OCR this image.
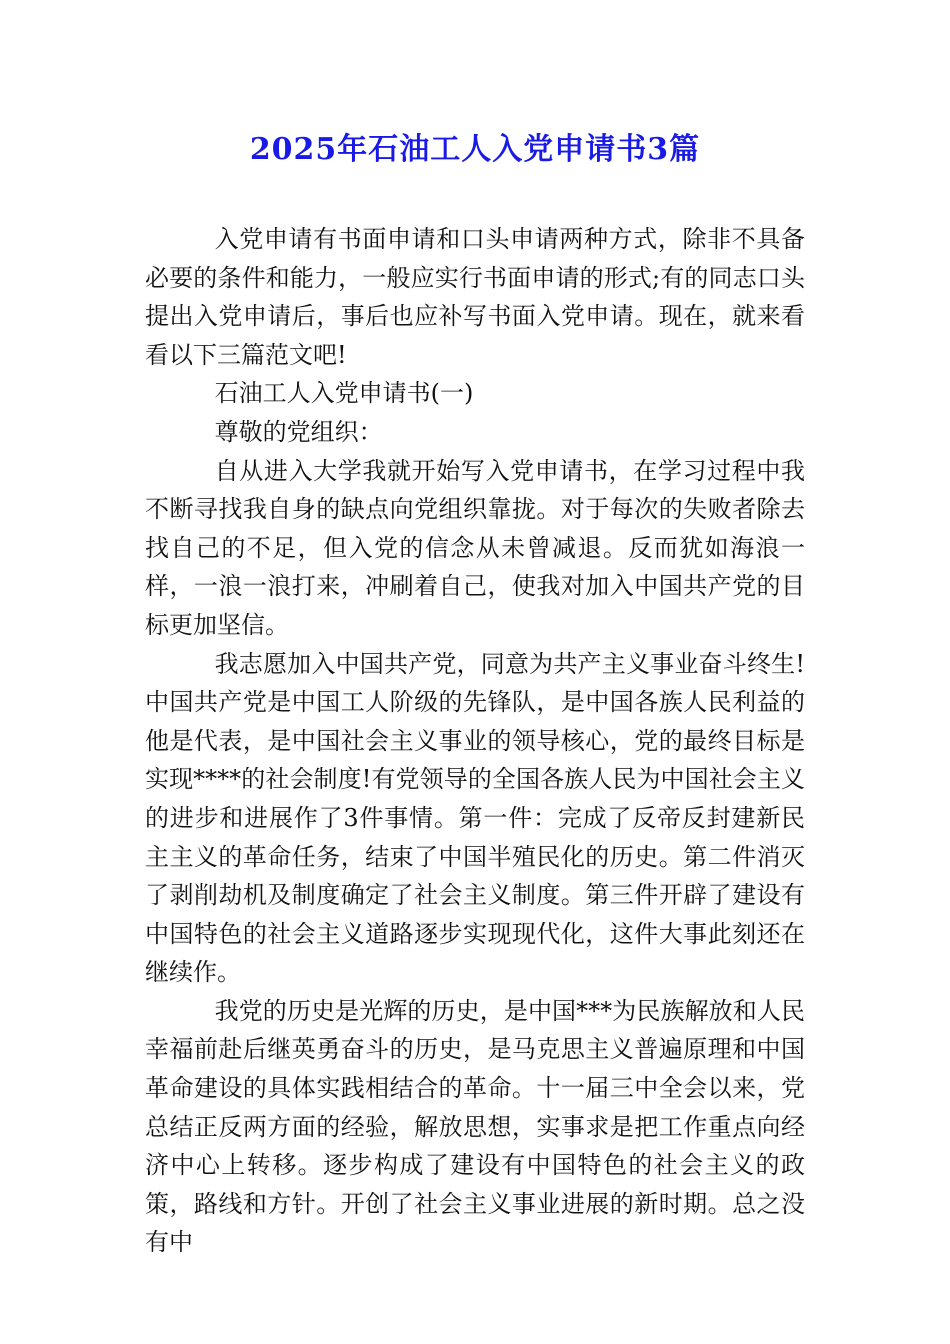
2025年石油工人入党申请书3篇

入党申请有书面申请和口头申请两种方式，除非不具备必要的条件和能力，一般应实行书面申请的形式;有的同志口头提出入党申请后，事后也应补写书面入党申请。现在，就来看看以下三篇范文吧!

石油工人入党申请书(一)

尊敬的党组织：

自从进入大学我就开始写入党申请书，在学习过程中我不断寻找我自身的缺点向党组织靠拢。对于每次的失败者除去找自己的不足，但入党的信念从未曾减退。反而犹如海浪一样，一浪一浪打来，冲刷着自己，使我对加入中国共产党的目标更加坚信。

我志愿加入中国共产党，同意为共产主义事业奋斗终生!中国共产党是中国工人阶级的先锋队，是中国各族人民利益的他是代表，是中国社会主义事业的领导核心，党的最终目标是实现****的社会制度!有党领导的全国各族人民为中国社会主义的进步和进展作了3件事情。第一件：完成了反帝反封建新民主主义的革命任务，结束了中国半殖民化的历史。第二件消灭了剥削劫机及制度确定了社会主义制度。第三件开辟了建设有中国特色的社会主义道路逐步实现现代化，这件大事此刻还在继续作。

我党的历史是光辉的历史，是中国***为民族解放和人民幸福前赴后继英勇奋斗的历史，是马克思主义普遍原理和中国革命建设的具体实践相结合的革命。十一届三中全会以来，党总结正反两方面的经验，解放思想，实事求是把工作重点向经济中心上转移。逐步构成了建设有中国特色的社会主义的政策，路线和方针。开创了社会主义事业进展的新时期。总之没有中
